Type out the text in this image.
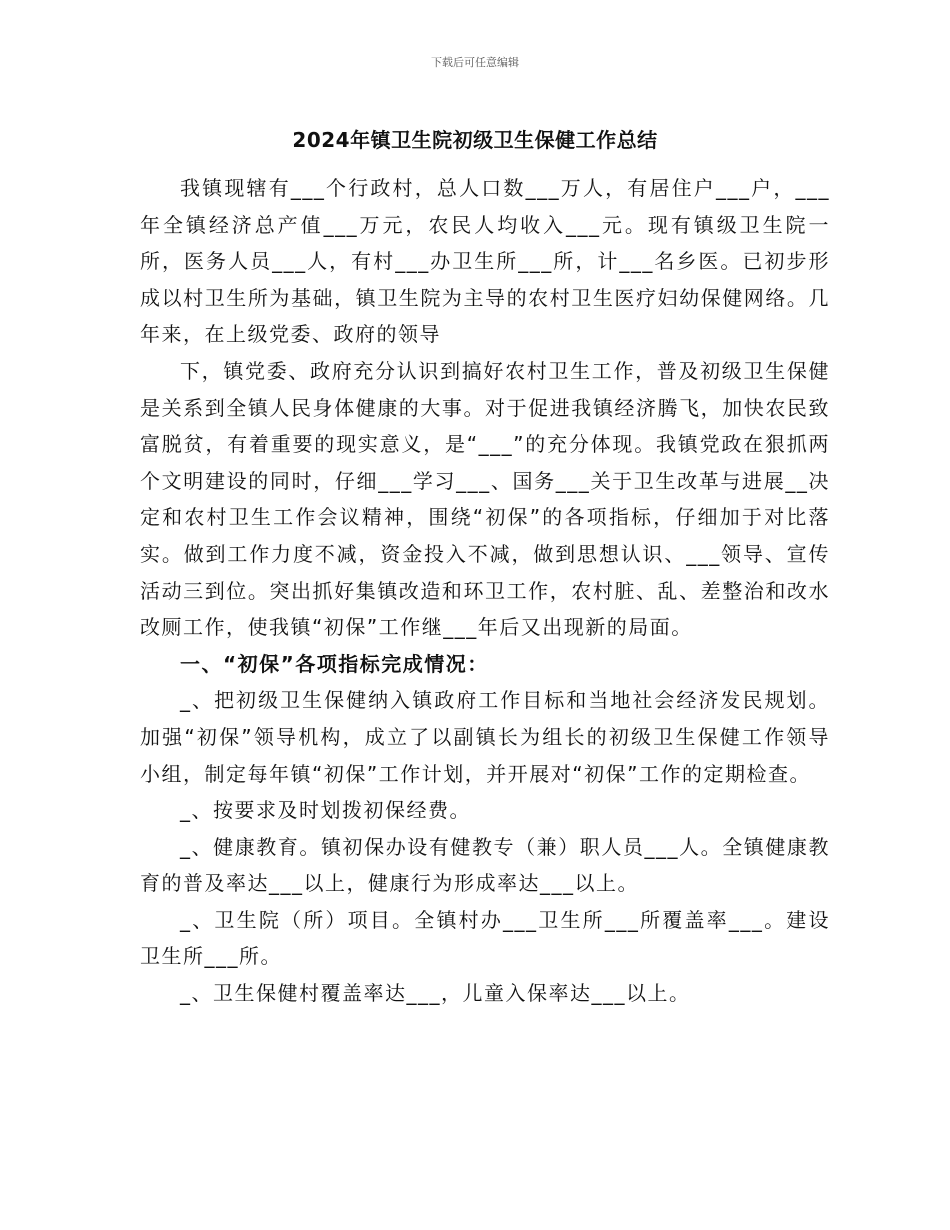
下载后可任意编辑
2024年镇卫生院初级卫生保健工作总结

我镇现辖有___个行政村，总人口数___万人，有居住户___户，___年全镇经济总产值___万元，农民人均收入___元。现有镇级卫生院一所，医务人员___人，有村___办卫生所___所，计___名乡医。已初步形成以村卫生所为基础，镇卫生院为主导的农村卫生医疗妇幼保健网络。几年来，在上级党委、政府的领导

下，镇党委、政府充分认识到搞好农村卫生工作，普及初级卫生保健是关系到全镇人民身体健康的大事。对于促进我镇经济腾飞，加快农民致富脱贫，有着重要的现实意义，是“___”的充分体现。我镇党政在狠抓两个文明建设的同时，仔细___学习___、国务___关于卫生改革与进展__决定和农村卫生工作会议精神，围绕“初保”的各项指标，仔细加于对比落实。做到工作力度不减，资金投入不减，做到思想认识、___领导、宣传活动三到位。突出抓好集镇改造和环卫工作，农村脏、乱、差整治和改水改厕工作，使我镇“初保”工作继___年后又出现新的局面。

一、“初保”各项指标完成情况：

_、把初级卫生保健纳入镇政府工作目标和当地社会经济发民规划。加强“初保”领导机构，成立了以副镇长为组长的初级卫生保健工作领导小组，制定每年镇“初保”工作计划，并开展对“初保”工作的定期检查。

_、按要求及时划拨初保经费。

_、健康教育。镇初保办设有健教专（兼）职人员___人。全镇健康教育的普及率达___以上，健康行为形成率达___以上。

_、卫生院（所）项目。全镇村办___卫生所___所覆盖率___。建设卫生所___所。

_、卫生保健村覆盖率达___，儿童入保率达___以上。
